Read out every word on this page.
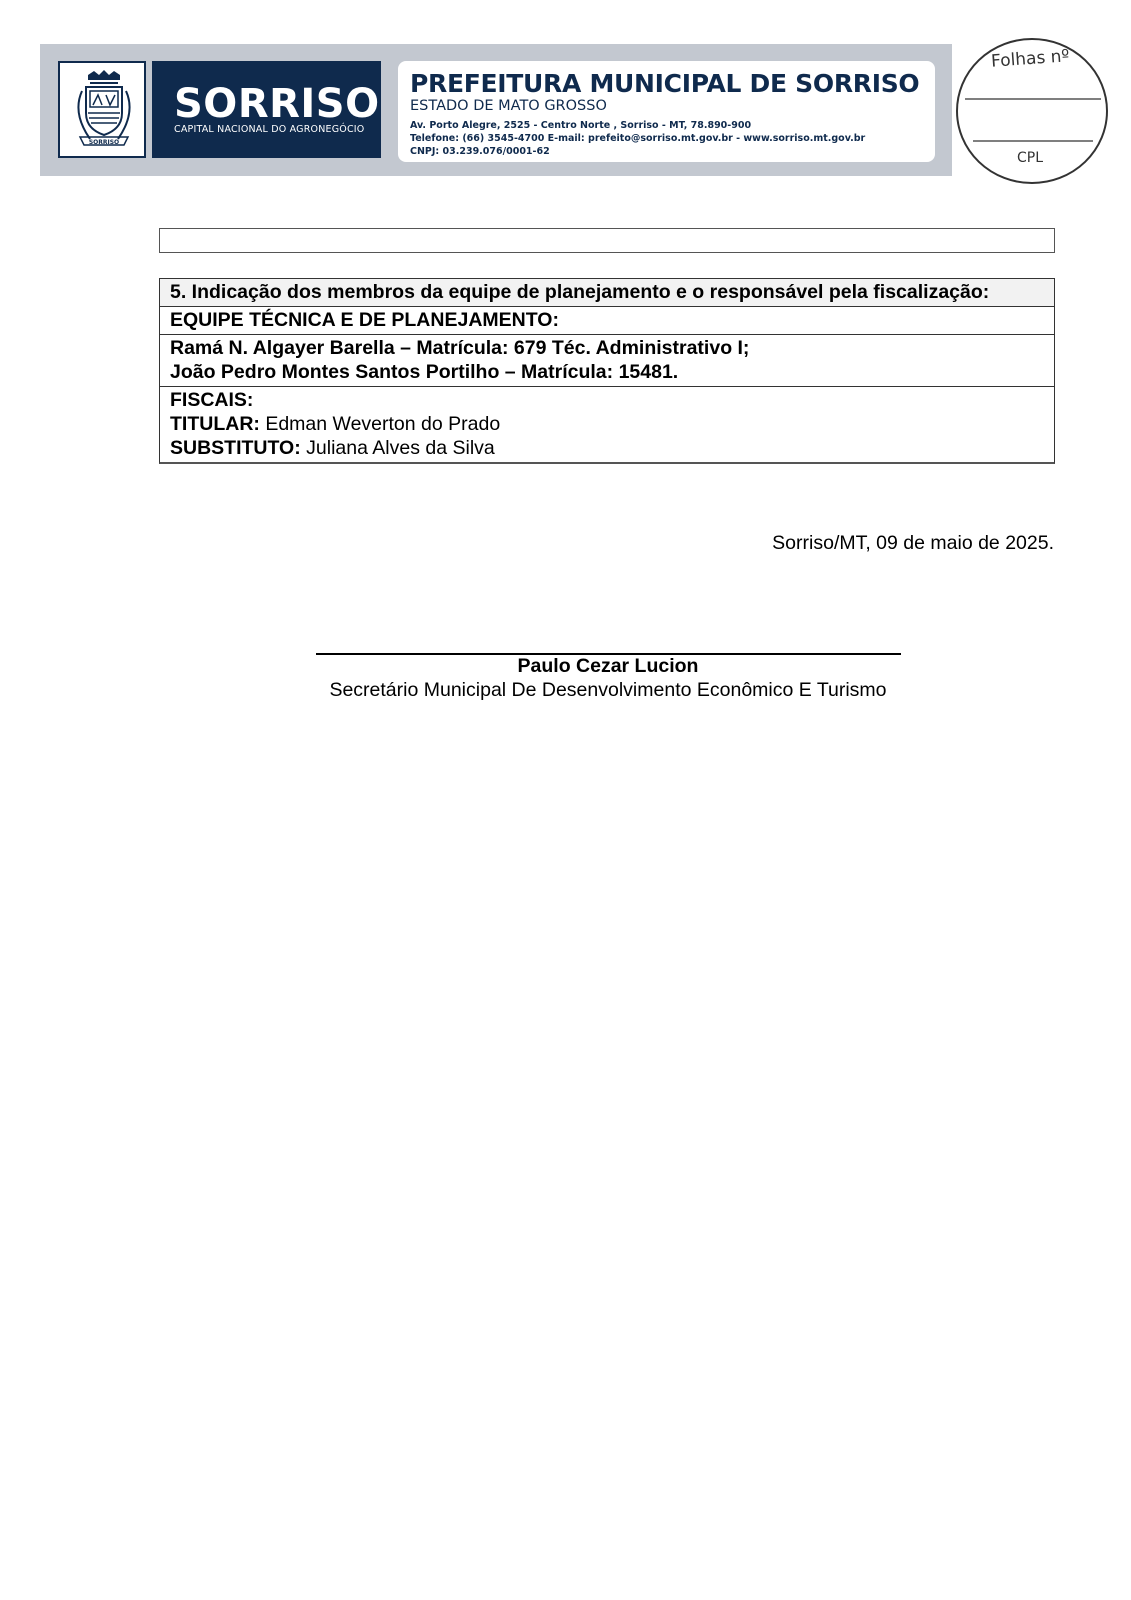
SORRISO
SORRISO
CAPITAL NACIONAL DO AGRONEGÓCIO
PREFEITURA MUNICIPAL DE SORRISO
ESTADO DE MATO GROSSO
Av. Porto Alegre, 2525 - Centro Norte , Sorriso - MT, 78.890-900
Telefone: (66) 3545-4700 E-mail: prefeito@sorriso.mt.gov.br - www.sorriso.mt.gov.br
CNPJ: 03.239.076/0001-62
Folhas nº
CPL
5. Indicação dos membros da equipe de planejamento e o responsável pela fiscalização:
EQUIPE TÉCNICA E DE PLANEJAMENTO:
Ramá N. Algayer Barella – Matrícula: 679 Téc. Administrativo I;
João Pedro Montes Santos Portilho – Matrícula: 15481.
FISCAIS:
TITULAR: Edman Weverton do Prado
SUBSTITUTO: Juliana Alves da Silva
Sorriso/MT, 09 de maio de 2025.
Paulo Cezar Lucion
Secretário Municipal De Desenvolvimento Econômico E Turismo
